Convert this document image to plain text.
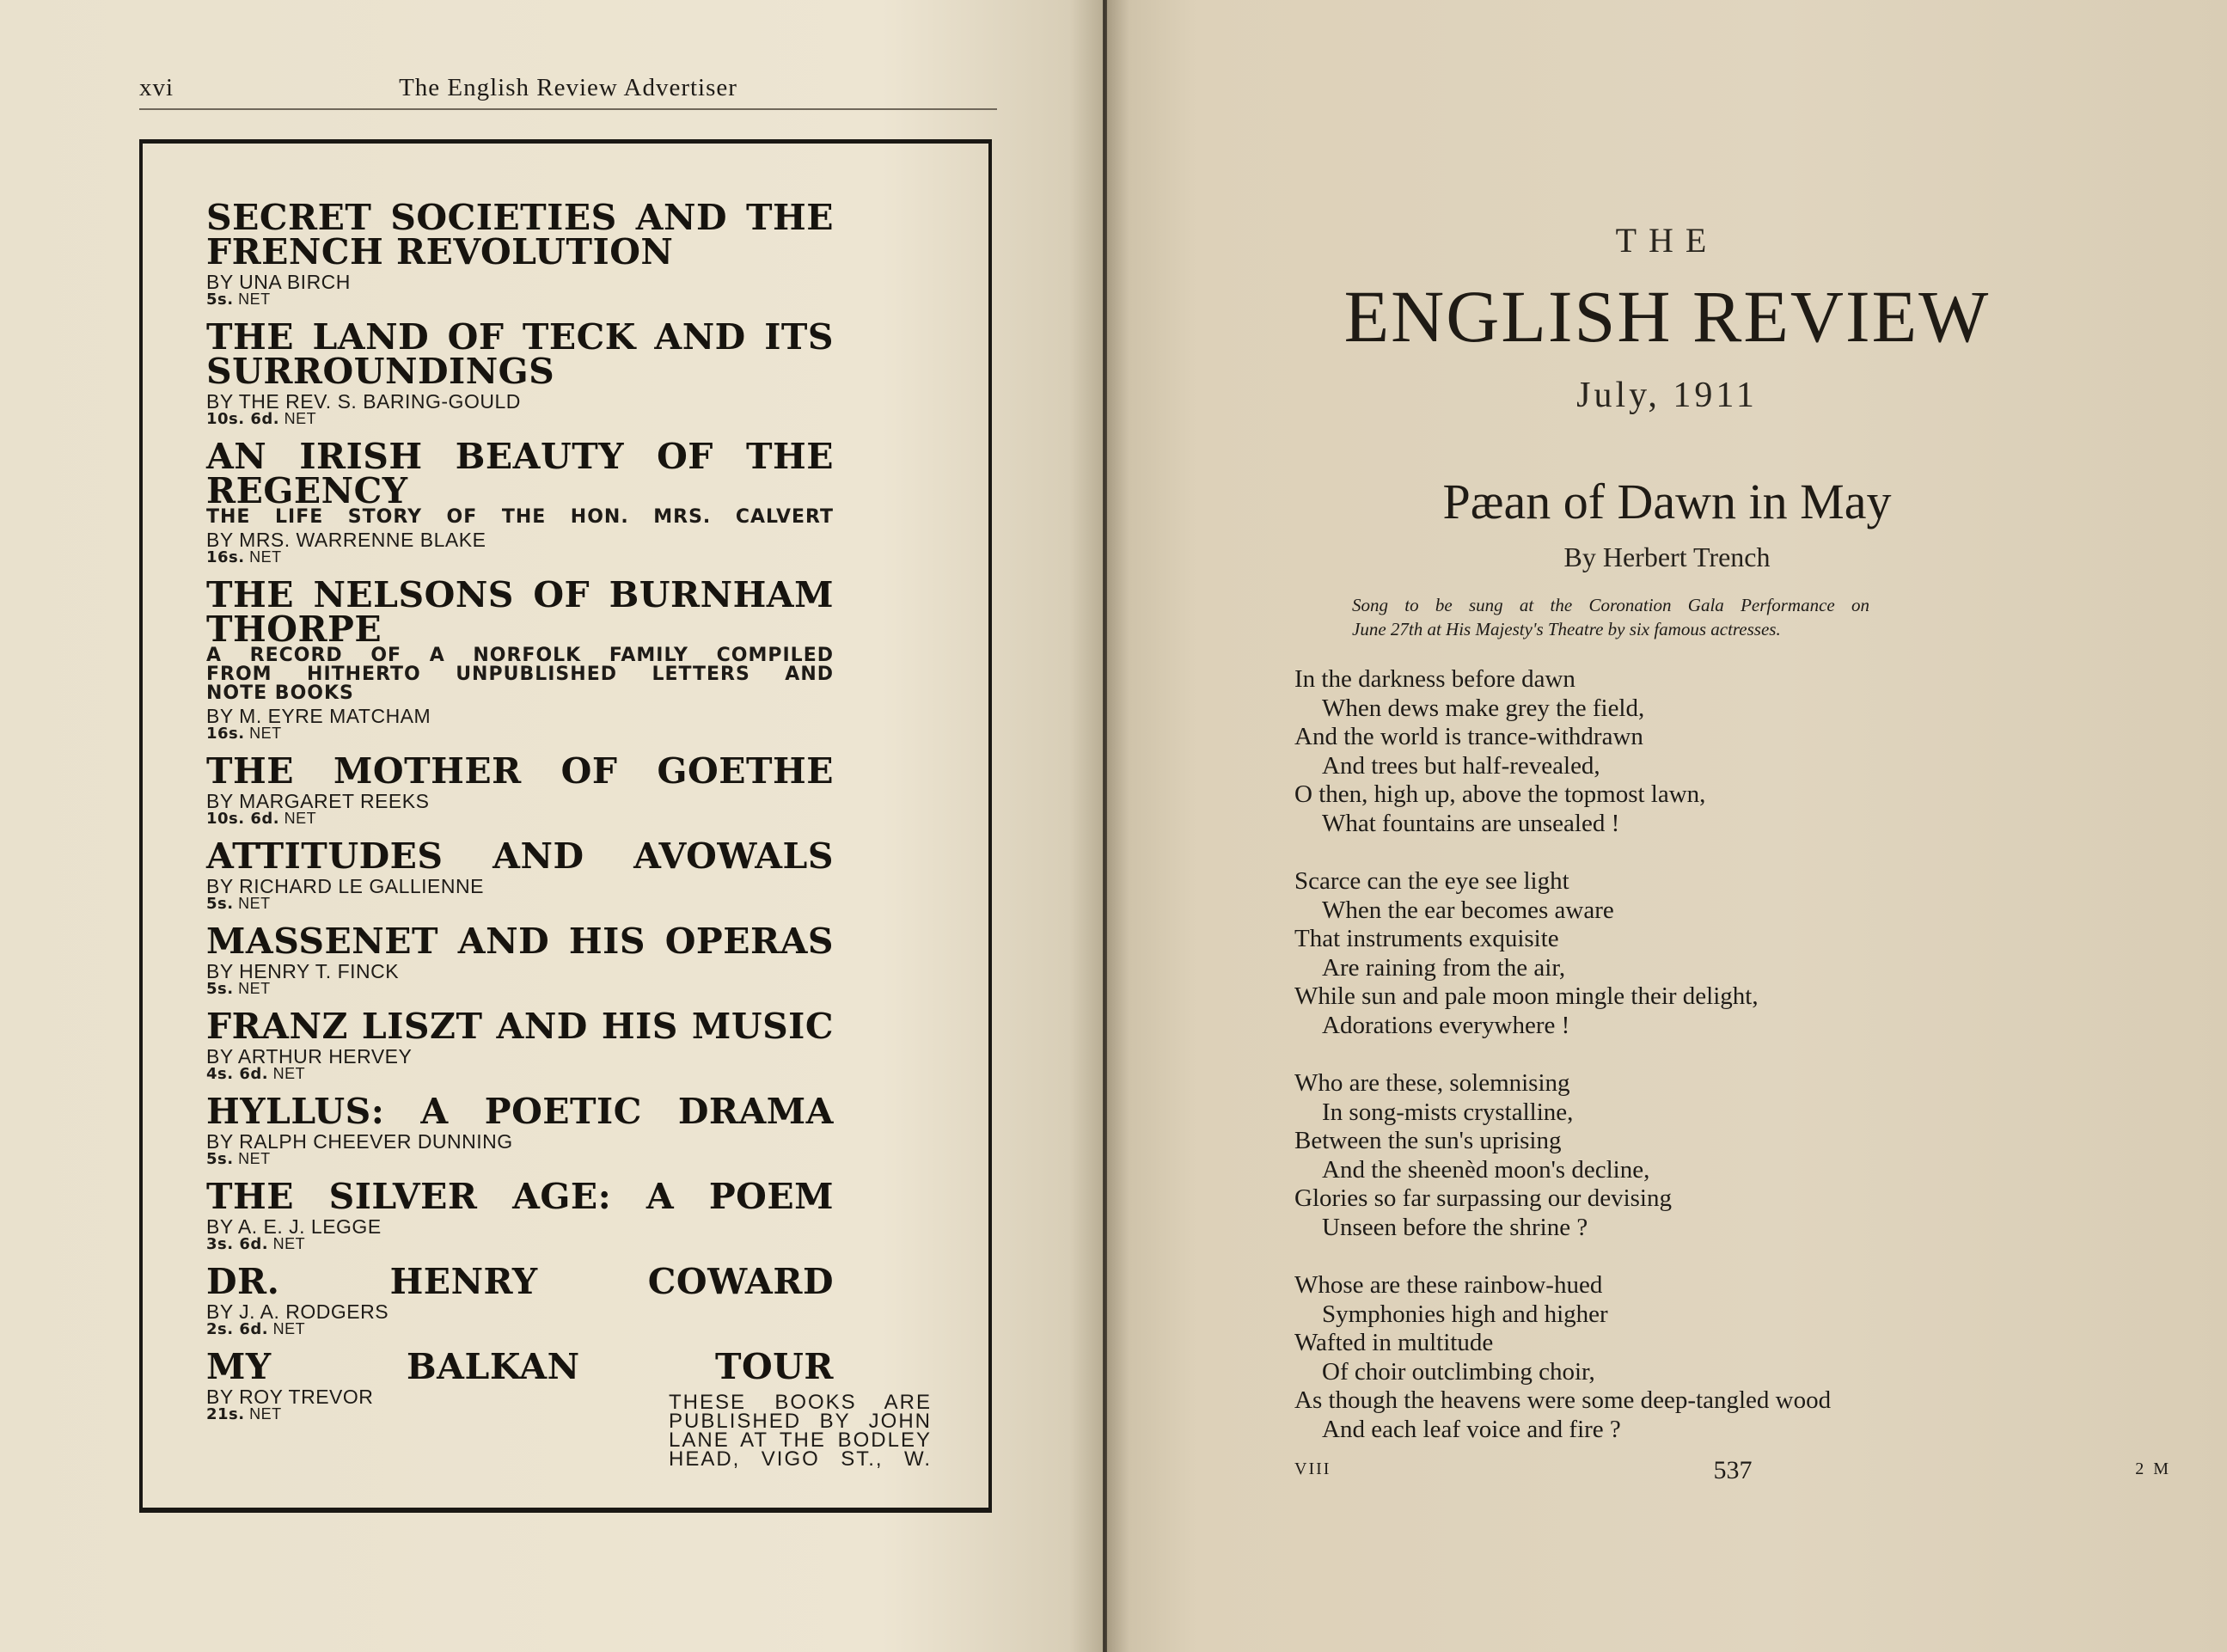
xvi	The English Review Advertiser
SECRET SOCIETIES AND THE
FRENCH REVOLUTION
BY UNA BIRCH
5s. NET
THE LAND OF TECK AND ITS
SURROUNDINGS
BY THE REV. S. BARING-GOULD
10s. 6d. NET
AN IRISH BEAUTY OF THE
REGENCY
THE LIFE STORY OF THE HON. MRS. CALVERT
BY MRS. WARRENNE BLAKE
16s. NET
THE NELSONS OF BURNHAM
THORPE
A RECORD OF A NORFOLK FAMILY COMPILED
FROM HITHERTO UNPUBLISHED LETTERS AND
NOTE BOOKS
BY M. EYRE MATCHAM
16s. NET
THE MOTHER OF GOETHE
BY MARGARET REEKS
10s. 6d. NET
ATTITUDES AND AVOWALS
BY RICHARD LE GALLIENNE
5s. NET
MASSENET AND HIS OPERAS
BY HENRY T. FINCK
5s. NET
FRANZ LISZT AND HIS MUSIC
BY ARTHUR HERVEY
4s. 6d. NET
HYLLUS: A POETIC DRAMA
BY RALPH CHEEVER DUNNING
5s. NET
THE SILVER AGE: A POEM
BY A. E. J. LEGGE
3s. 6d. NET
DR. HENRY COWARD
BY J. A. RODGERS
2s. 6d. NET
MY BALKAN TOUR
BY ROY TREVOR
21s. NET	THESE BOOKS ARE
PUBLISHED BY JOHN
LANE AT THE BODLEY
HEAD, VIGO ST., W.
THE
ENGLISH REVIEW
July, 1911
Pæan of Dawn in May
By Herbert Trench
Song to be sung at the Coronation Gala Performance on
June 27th at His Majesty's Theatre by six famous actresses.
In the darkness before dawn
When dews make grey the field,
And the world is trance-withdrawn
And trees but half-revealed,
O then, high up, above the topmost lawn,
What fountains are unsealed !
Scarce can the eye see light
When the ear becomes aware
That instruments exquisite
Are raining from the air,
While sun and pale moon mingle their delight,
Adorations everywhere !
Who are these, solemnising
In song-mists crystalline,
Between the sun's uprising
And the sheenèd moon's decline,
Glories so far surpassing our devising
Unseen before the shrine ?
Whose are these rainbow-hued
Symphonies high and higher
Wafted in multitude
Of choir outclimbing choir,
As though the heavens were some deep-tangled wood
And each leaf voice and fire ?
VIII	537	2 M
